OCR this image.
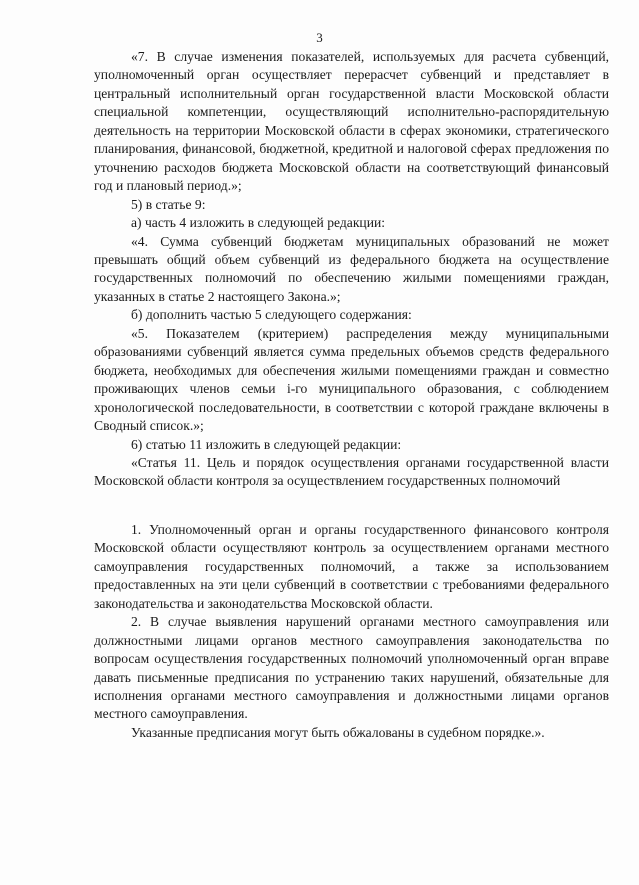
3

«7. В случае изменения показателей, используемых для расчета субвенций, уполномоченный орган осуществляет перерасчет субвенций и представляет в центральный исполнительный орган государственной власти Московской области специальной компетенции, осуществляющий исполнительно-распорядительную деятельность на территории Московской области в сферах экономики, стратегического планирования, финансовой, бюджетной, кредитной и налоговой сферах предложения по уточнению расходов бюджета Московской области на соответствующий финансовый год и плановый период.»;

5) в статье 9:

а) часть 4 изложить в следующей редакции:

«4. Сумма субвенций бюджетам муниципальных образований не может превышать общий объем субвенций из федерального бюджета на осуществление государственных полномочий по обеспечению жилыми помещениями граждан, указанных в статье 2 настоящего Закона.»;

б) дополнить частью 5 следующего содержания:

«5. Показателем (критерием) распределения между муниципальными образованиями субвенций является сумма предельных объемов средств федерального бюджета, необходимых для обеспечения жилыми помещениями граждан и совместно проживающих членов семьи i-го муниципального образования, с соблюдением хронологической последовательности, в соответствии с которой граждане включены в Сводный список.»;

6) статью 11 изложить в следующей редакции:

«Статья 11. Цель и порядок осуществления органами государственной власти Московской области контроля за осуществлением государственных полномочий

1. Уполномоченный орган и органы государственного финансового контроля Московской области осуществляют контроль за осуществлением органами местного самоуправления государственных полномочий, а также за использованием предоставленных на эти цели субвенций в соответствии с требованиями федерального законодательства и законодательства Московской области.

2. В случае выявления нарушений органами местного самоуправления или должностными лицами органов местного самоуправления законодательства по вопросам осуществления государственных полномочий уполномоченный орган вправе давать письменные предписания по устранению таких нарушений, обязательные для исполнения органами местного самоуправления и должностными лицами органов местного самоуправления.

Указанные предписания могут быть обжалованы в судебном порядке.».
